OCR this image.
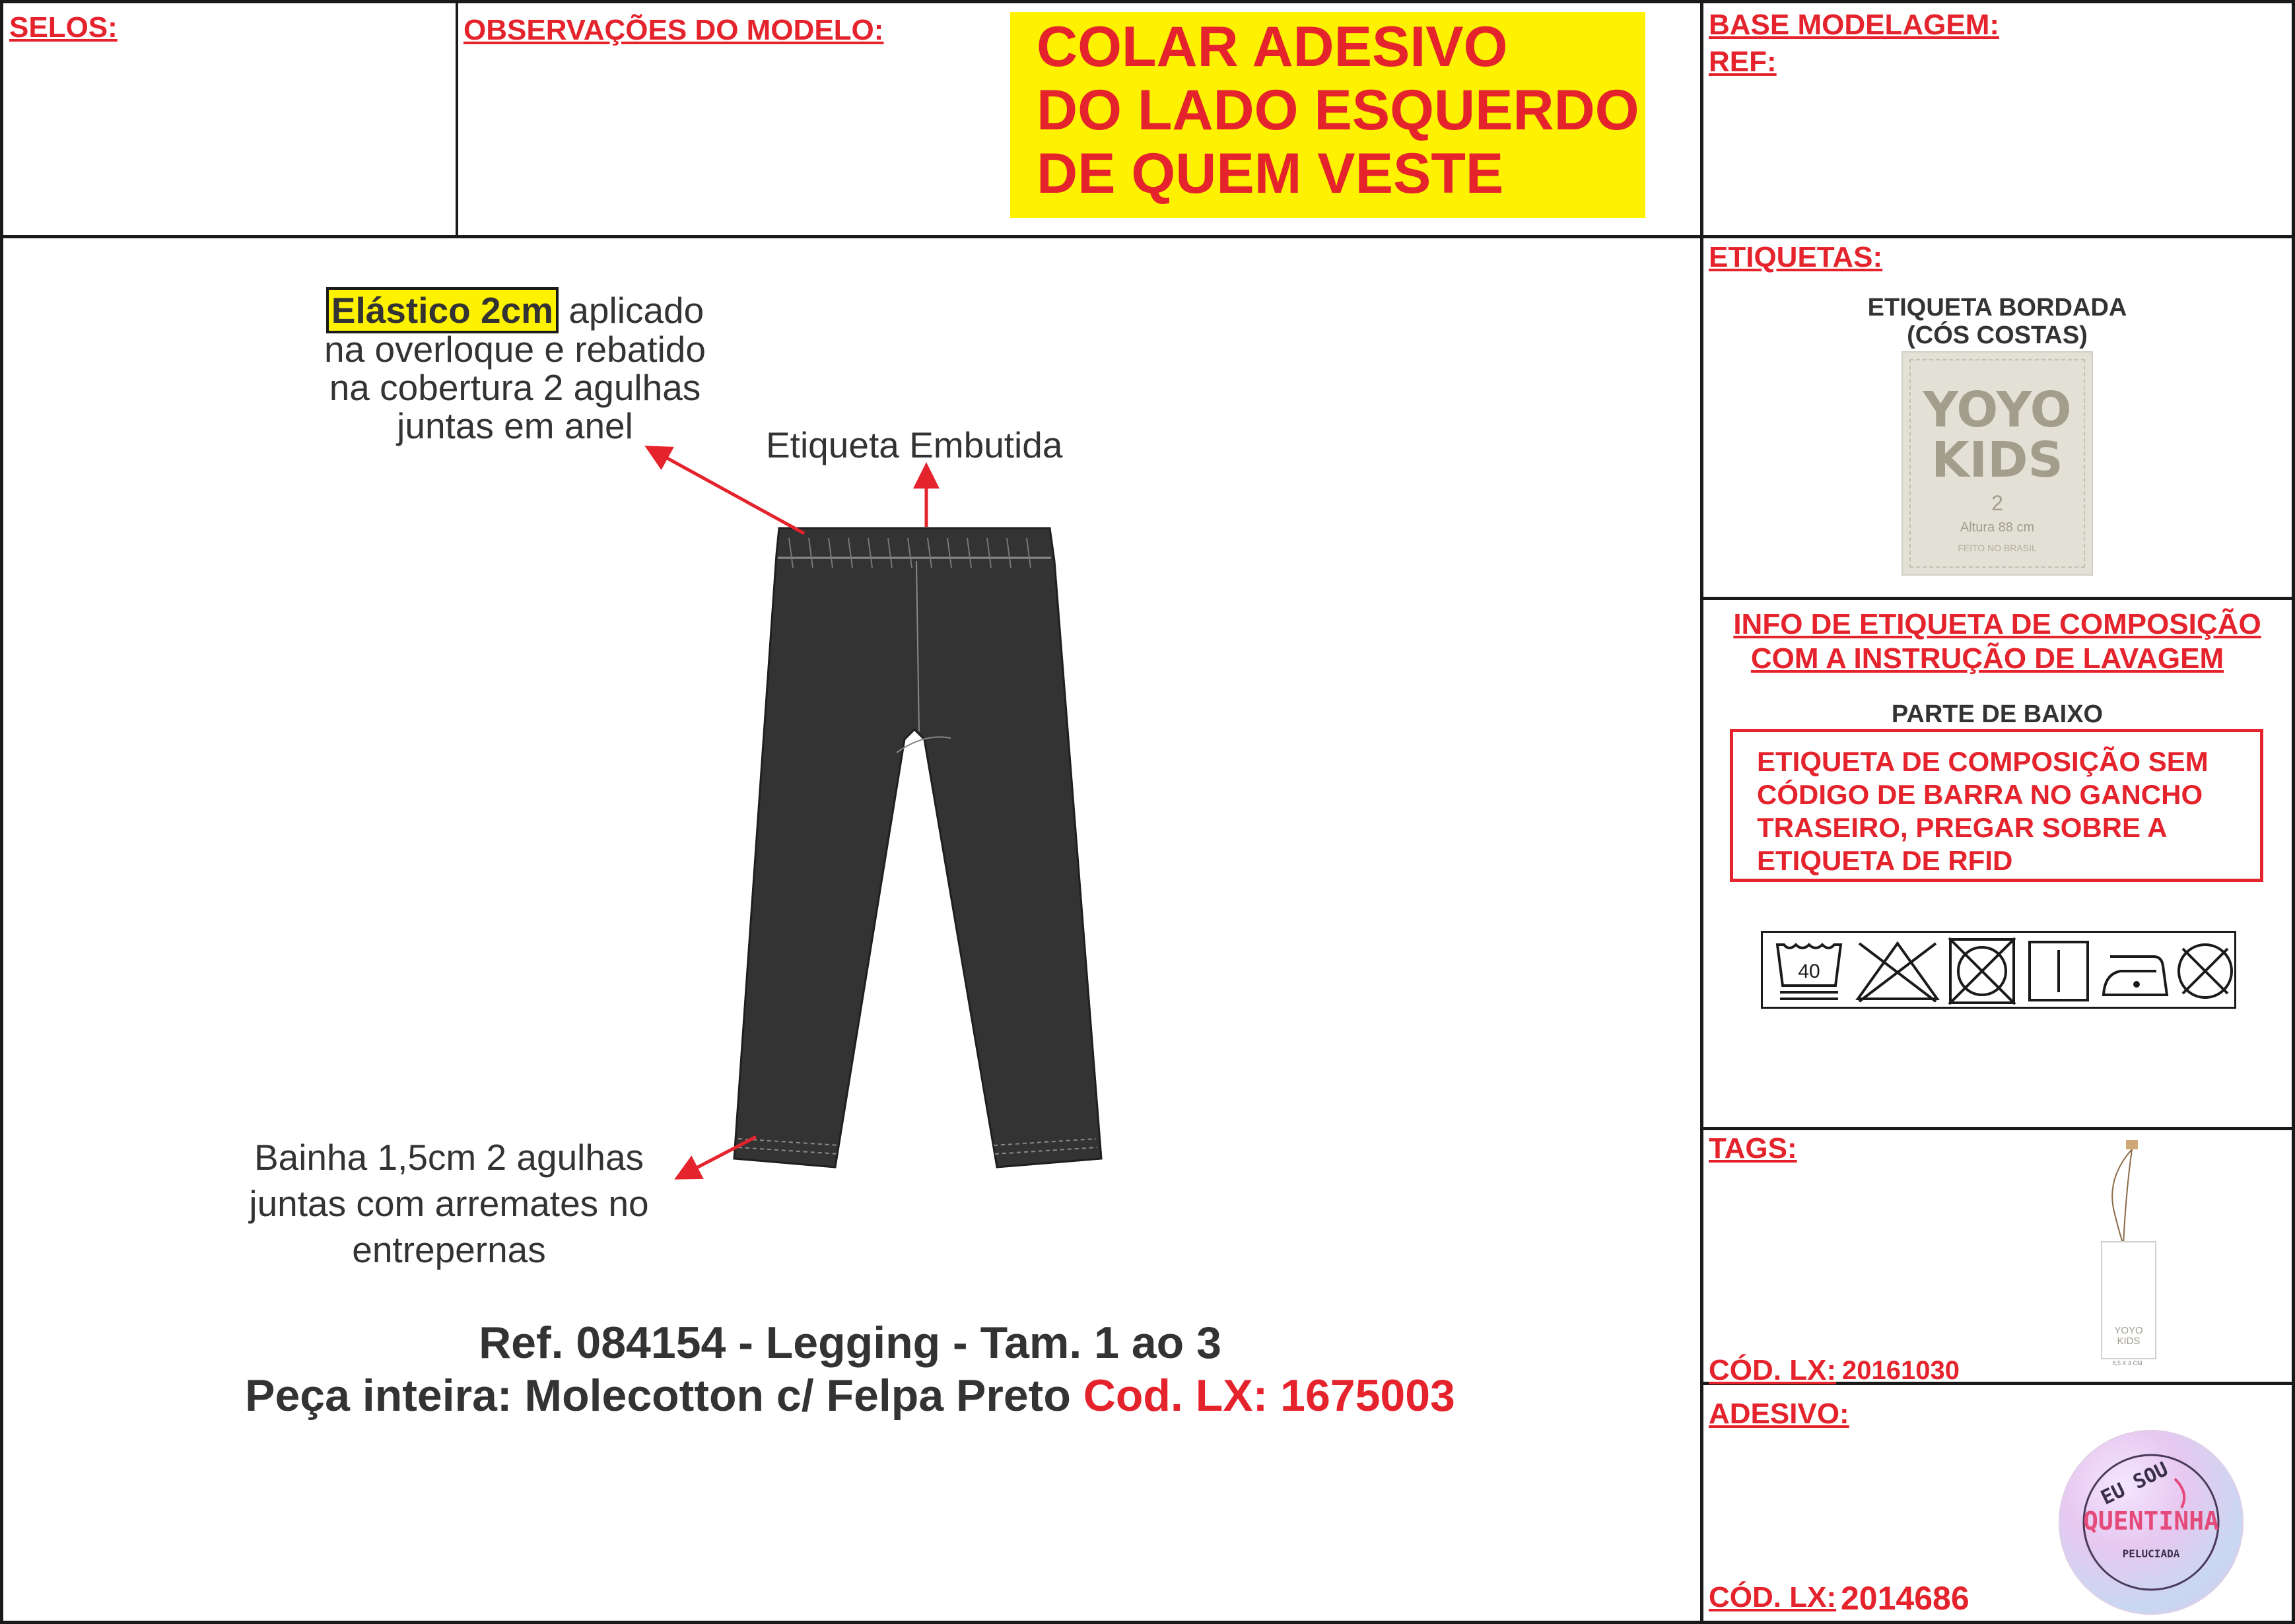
SELOS:	OBSERVAÇÕES DO MODELO:	COLAR ADESIVO
DO LADO ESQUERDO
DE QUEM VESTE
BASE MODELAGEM:
REF:
Elástico 2cm aplicado
na overloque e rebatido
na cobertura 2 agulhas
juntas em anel	Etiqueta Embutida
Bainha 1,5cm 2 agulhas
juntas com arremates no
entrepernas
Ref. 084154 - Legging - Tam. 1 ao 3
Peça inteira: Molecotton c/ Felpa Preto Cod. LX: 1675003
ETIQUETAS:
ETIQUETA BORDADA
(CÓS COSTAS)
YOYO
KIDS
2
Altura 88 cm
FEITO NO BRASIL
INFO DE ETIQUETA DE COMPOSIÇÃO
COM A INSTRUÇÃO DE LAVAGEM
PARTE DE BAIXO
ETIQUETA DE COMPOSIÇÃO SEM
CÓDIGO DE BARRA NO GANCHO
TRASEIRO, PREGAR SOBRE A
ETIQUETA DE RFID
40
TAGS:
CÓD. LX: 20161030
YOYO
KIDS
8,5 X 4 CM
ADESIVO:
CÓD. LX: 2014686
EU SOU
QUENTINHA
PELUCIADA
